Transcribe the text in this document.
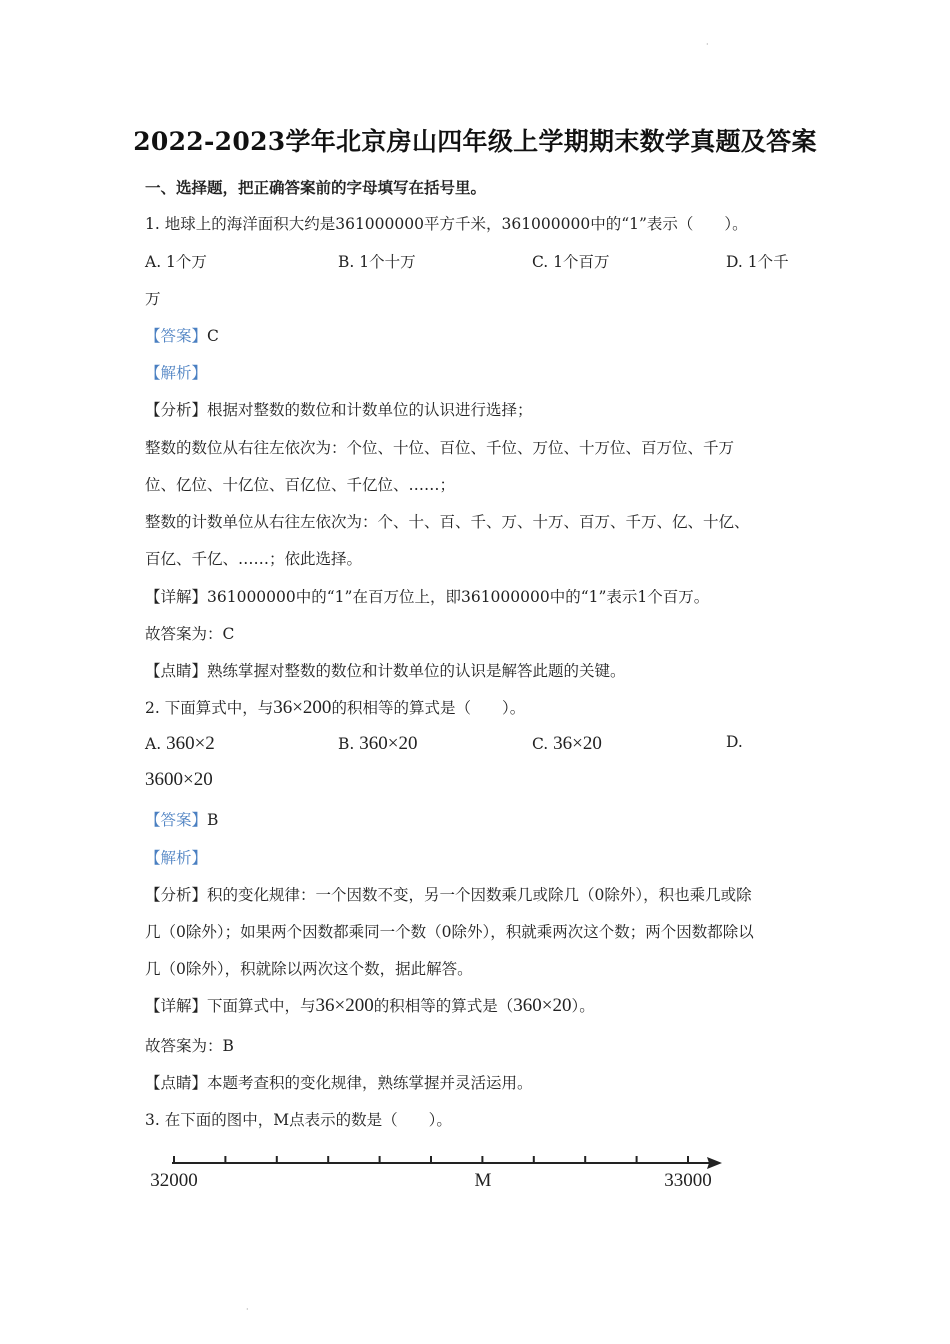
·
2022-2023学年北京房山四年级上学期期末数学真题及答案
一、选择题，把正确答案前的字母填写在括号里。
1. 地球上的海洋面积大约是361000000平方千米，361000000中的“1”表示（　　）。
A. 1个万	B. 1个十万	C. 1个百万	D. 1个千
万
【答案】C
【解析】
【分析】根据对整数的数位和计数单位的认识进行选择；
整数的数位从右往左依次为：个位、十位、百位、千位、万位、十万位、百万位、千万
位、亿位、十亿位、百亿位、千亿位、……；
整数的计数单位从右往左依次为：个、十、百、千、万、十万、百万、千万、亿、十亿、
百亿、千亿、……；依此选择。
【详解】361000000中的“1”在百万位上，即361000000中的“1”表示1个百万。
故答案为：C
【点睛】熟练掌握对整数的数位和计数单位的认识是解答此题的关键。
2. 下面算式中，与36×200的积相等的算式是（　　）。
A. 360×2	B. 360×20	C. 36×20	D.
3600×20
【答案】B
【解析】
【分析】积的变化规律：一个因数不变，另一个因数乘几或除几（0除外），积也乘几或除
几（0除外）；如果两个因数都乘同一个数（0除外），积就乘两次这个数；两个因数都除以
几（0除外），积就除以两次这个数，据此解答。
【详解】下面算式中，与36×200的积相等的算式是（360×20）。
故答案为：B
【点睛】本题考查积的变化规律，熟练掌握并灵活运用。
3. 在下面的图中，M点表示的数是（　　）。
32000	M	33000
·
